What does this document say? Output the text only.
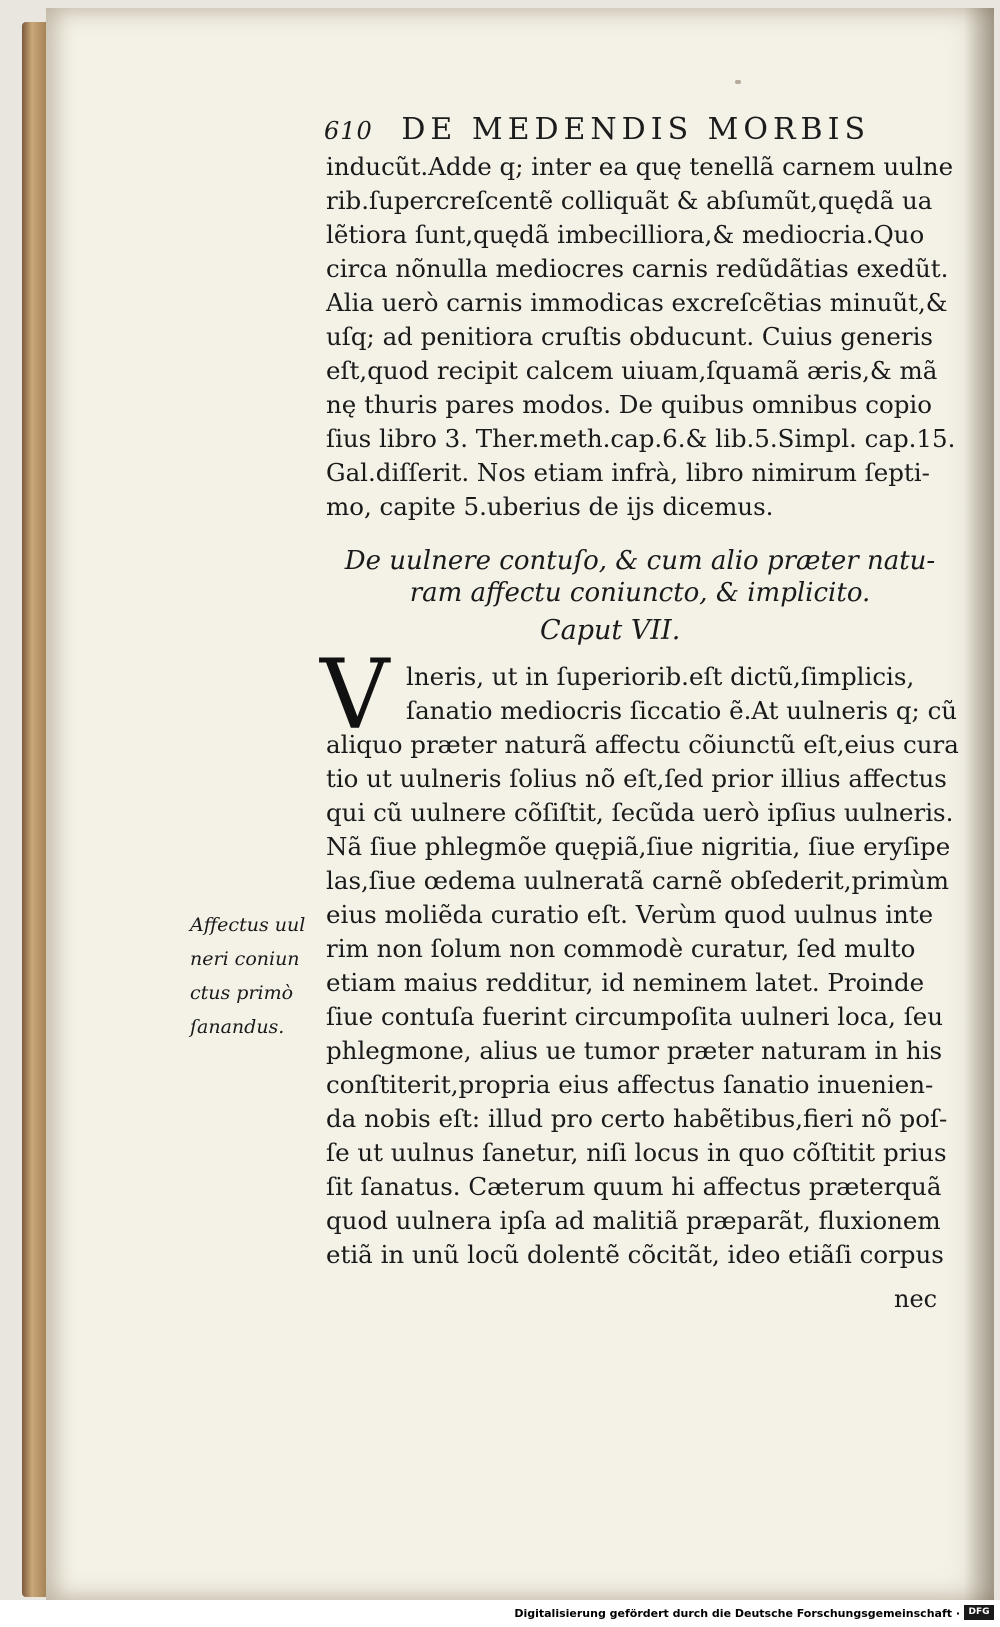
610 DE MEDENDIS MORBIS
inducũt.Adde q; inter ea quę tenellã carnem uulne
rib.ſupercreſcentẽ colliquãt & abſumũt,quędã ua
lẽtiora ſunt,quędã imbecilliora,& mediocria.Quo
circa nõnulla mediocres carnis redũdãtias exedũt.
Alia uerò carnis immodicas excreſcẽtias minuũt,&
uſq; ad penitiora cruſtis obducunt. Cuius generis
eſt,quod recipit calcem uiuam,ſquamã æris,& mã
nę thuris pares modos. De quibus omnibus copio
ſius libro 3. Ther.meth.cap.6.& lib.5.Simpl. cap.15.
Gal.diſſerit. Nos etiam infrà, libro nimirum ſepti-
mo, capite 5.uberius de ijs dicemus.
De uulnere contuſo, & cum alio præter natu-
ram affectu coniuncto, & implicito.
Caput VII.
V lneris, ut in ſuperiorib.eſt dictũ,ſimplicis,
ſanatio mediocris ſiccatio ẽ.At uulneris q; cũ
aliquo præter naturã affectu cõiunctũ eſt,eius cura
tio ut uulneris ſolius nõ eſt,ſed prior illius affectus
qui cũ uulnere cõſiſtit, ſecũda uerò ipſius uulneris.
Nã ſiue phlegmõe quępiã,ſiue nigritia, ſiue eryſipe
las,ſiue œdema uulneratã carnẽ obſederit,primùm
eius moliẽda curatio eſt. Verùm quod uulnus inte
rim non ſolum non commodè curatur, ſed multo
etiam maius redditur, id neminem latet. Proinde
ſiue contuſa fuerint circumpoſita uulneri loca, ſeu
phlegmone, alius ue tumor præter naturam in his
conſtiterit,propria eius affectus ſanatio inuenien-
da nobis eſt: illud pro certo habẽtibus,fieri nõ poſ-
ſe ut uulnus ſanetur, niſi locus in quo cõſtitit prius
ſit ſanatus. Cæterum quum hi affectus præterquã
quod uulnera ipſa ad malitiã præparãt, fluxionem
etiã in unũ locũ dolentẽ cõcitãt, ideo etiãſi corpus
Affectus uul
neri coniun
ctus primò
ſanandus.
nec
Digitalisierung gefördert durch die Deutsche Forschungsgemeinschaft · DFG
